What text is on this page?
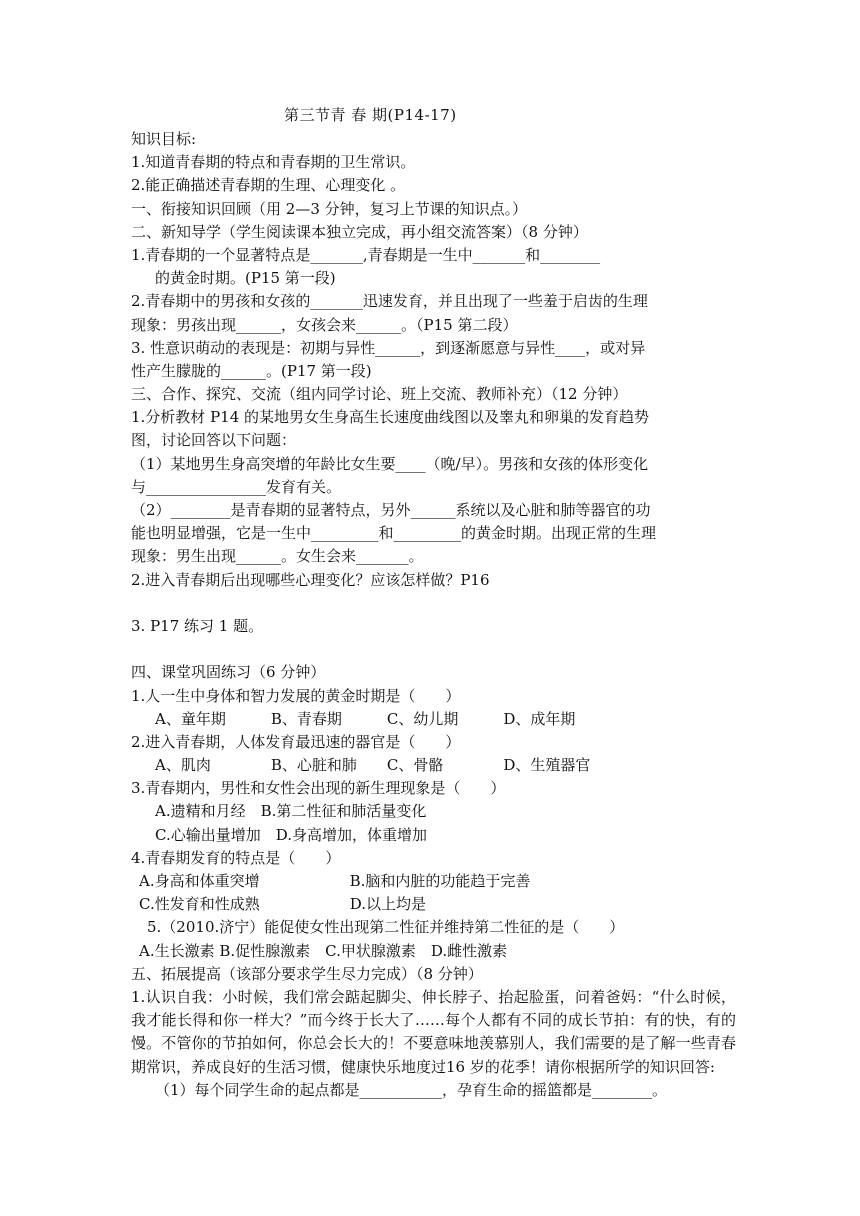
第三节青 春 期(P14-17)
知识目标:
1.知道青春期的特点和青春期的卫生常识。
2.能正确描述青春期的生理、心理变化 。
一、衔接知识回顾（用 2—3 分钟，复习上节课的知识点。）
二、新知导学（学生阅读课本独立完成，再小组交流答案）（8 分钟）
1.青春期的一个显著特点是_______,青春期是一生中_______和________
的黄金时期。(P15 第一段)
2.青春期中的男孩和女孩的_______迅速发育，并且出现了一些羞于启齿的生理
现象：男孩出现______，女孩会来______。（P15 第二段）
3. 性意识萌动的表现是：初期与异性______，到逐渐愿意与异性____，或对异
性产生朦胧的______。(P17 第一段)
三、合作、探究、交流（组内同学讨论、班上交流、教师补充）（12 分钟）
1.分析教材 P14 的某地男女生身高生长速度曲线图以及睾丸和卵巢的发育趋势
图，讨论回答以下问题：
（1）某地男生身高突增的年龄比女生要____（晚/早）。男孩和女孩的体形变化
与________________发育有关。
（2）________是青春期的显著特点，另外______系统以及心脏和肺等器官的功
能也明显增强，它是一生中_________和_________的黄金时期。出现正常的生理
现象：男生出现______。女生会来_______。
2.进入青春期后出现哪些心理变化？应该怎样做？P16
3. P17 练习 1 题。
四、课堂巩固练习（6 分钟）
1.人一生中身体和智力发展的黄金时期是（　　）
A、童年期　　　B、青春期　　　C、幼儿期　　　D、成年期
2.进入青春期，人体发育最迅速的器官是（　　）
A、肌肉　　　　B、心脏和肺　　C、骨骼　　　　D、生殖器官
3.青春期内，男性和女性会出现的新生理现象是（　　）
A.遗精和月经　B.第二性征和肺活量变化
C.心输出量增加　D.身高增加，体重增加
4.青春期发育的特点是（　　）
A.身高和体重突增　　　　　　B.脑和内脏的功能趋于完善
C.性发育和性成熟　　　　　　D.以上均是
5.（2010.济宁）能促使女性出现第二性征并维持第二性征的是（　　）
A.生长激素 B.促性腺激素　C.甲状腺激素　D.雌性激素
五、拓展提高（该部分要求学生尽力完成）（8 分钟）
1.认识自我：小时候，我们常会踮起脚尖、伸长脖子、抬起脸蛋，问着爸妈：“什么时候，我才能长得和你一样大？”而今终于长大了……每个人都有不同的成长节拍：有的快，有的慢。不管你的节拍如何，你总会长大的！不要意味地羡慕别人，我们需要的是了解一些青春期常识，养成良好的生活习惯，健康快乐地度过16 岁的花季！请你根据所学的知识回答:
（1）每个同学生命的起点都是___________，孕育生命的摇篮都是________。
